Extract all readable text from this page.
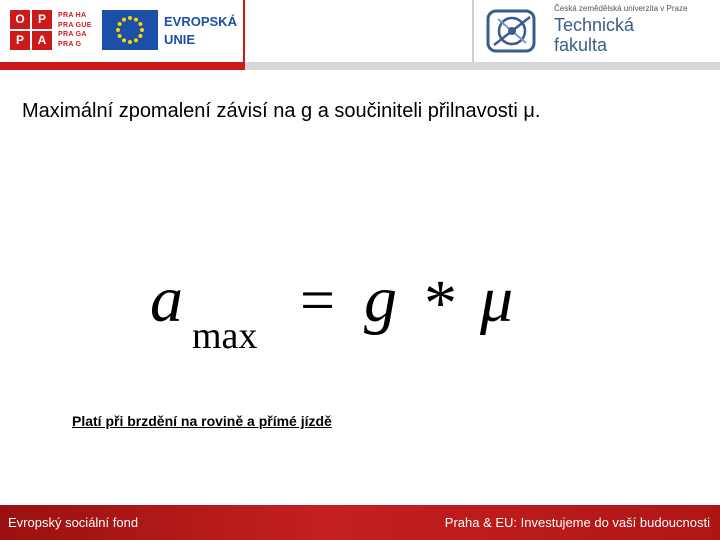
O	P
P	A
PRA HA
PRA GUE
PRA GA
PRA G
EVROPSKÁ
UNIE
Česká zemědělská univerzita v Praze
Technická
fakulta
Maximální zpomalení závisí na g a součiniteli přilnavosti μ.
a max
= g * μ
Platí při brzdění na rovině a přímé jízdě
Evropský sociální fond	Praha & EU: Investujeme do vaší budoucnosti
